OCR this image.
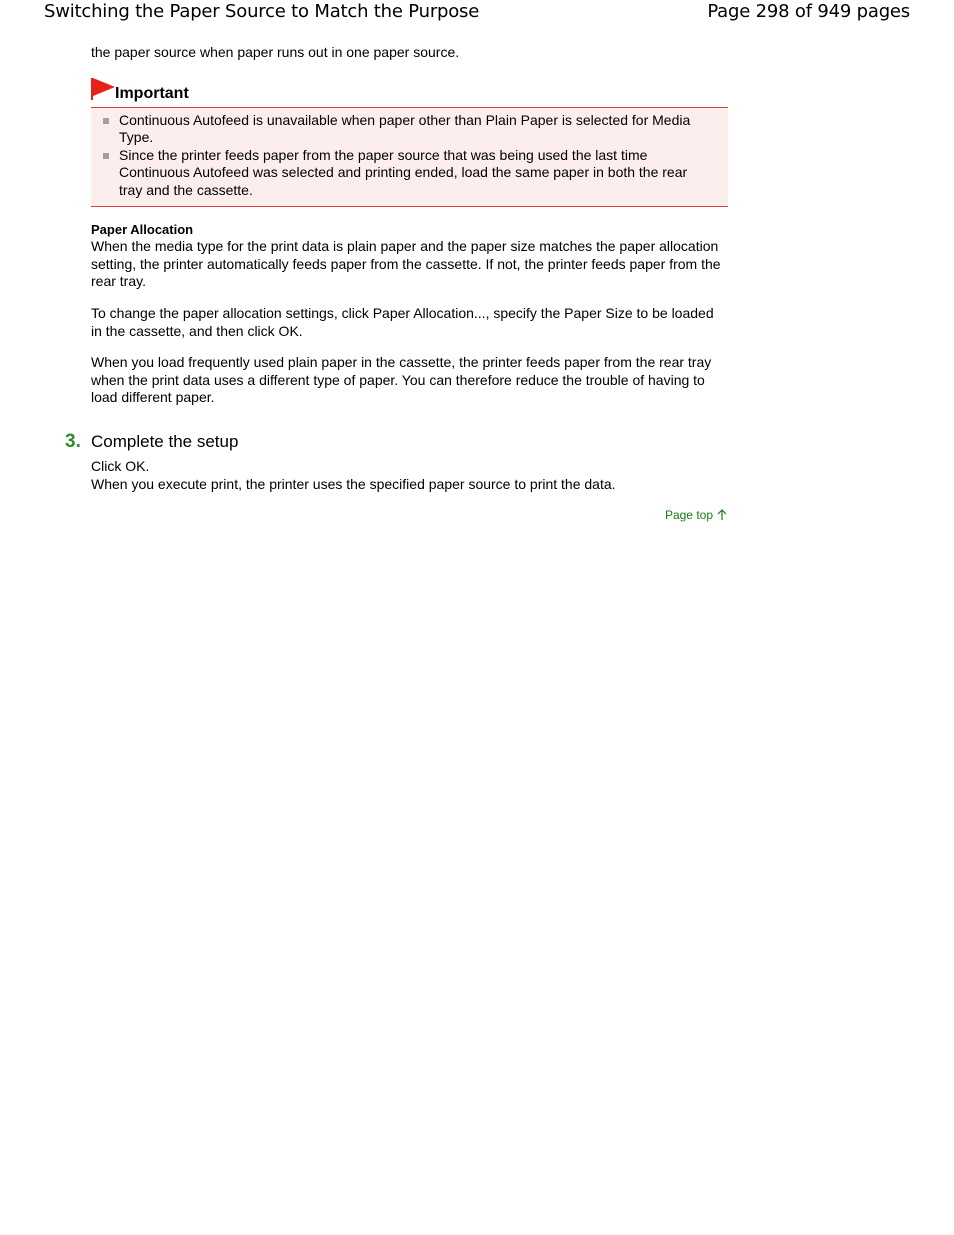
Switching the Paper Source to Match the Purpose	Page 298 of 949 pages

the paper source when paper runs out in one paper source.

Important
Continuous Autofeed is unavailable when paper other than Plain Paper is selected for Media Type.
Since the printer feeds paper from the paper source that was being used the last time Continuous Autofeed was selected and printing ended, load the same paper in both the rear tray and the cassette.
Paper Allocation

When the media type for the print data is plain paper and the paper size matches the paper allocation setting, the printer automatically feeds paper from the cassette. If not, the printer feeds paper from the rear tray.

To change the paper allocation settings, click Paper Allocation..., specify the Paper Size to be loaded in the cassette, and then click OK.

When you load frequently used plain paper in the cassette, the printer feeds paper from the rear tray when the print data uses a different type of paper. You can therefore reduce the trouble of having to load different paper.

3. Complete the setup
Click OK.
When you execute print, the printer uses the specified paper source to print the data.
Page top
